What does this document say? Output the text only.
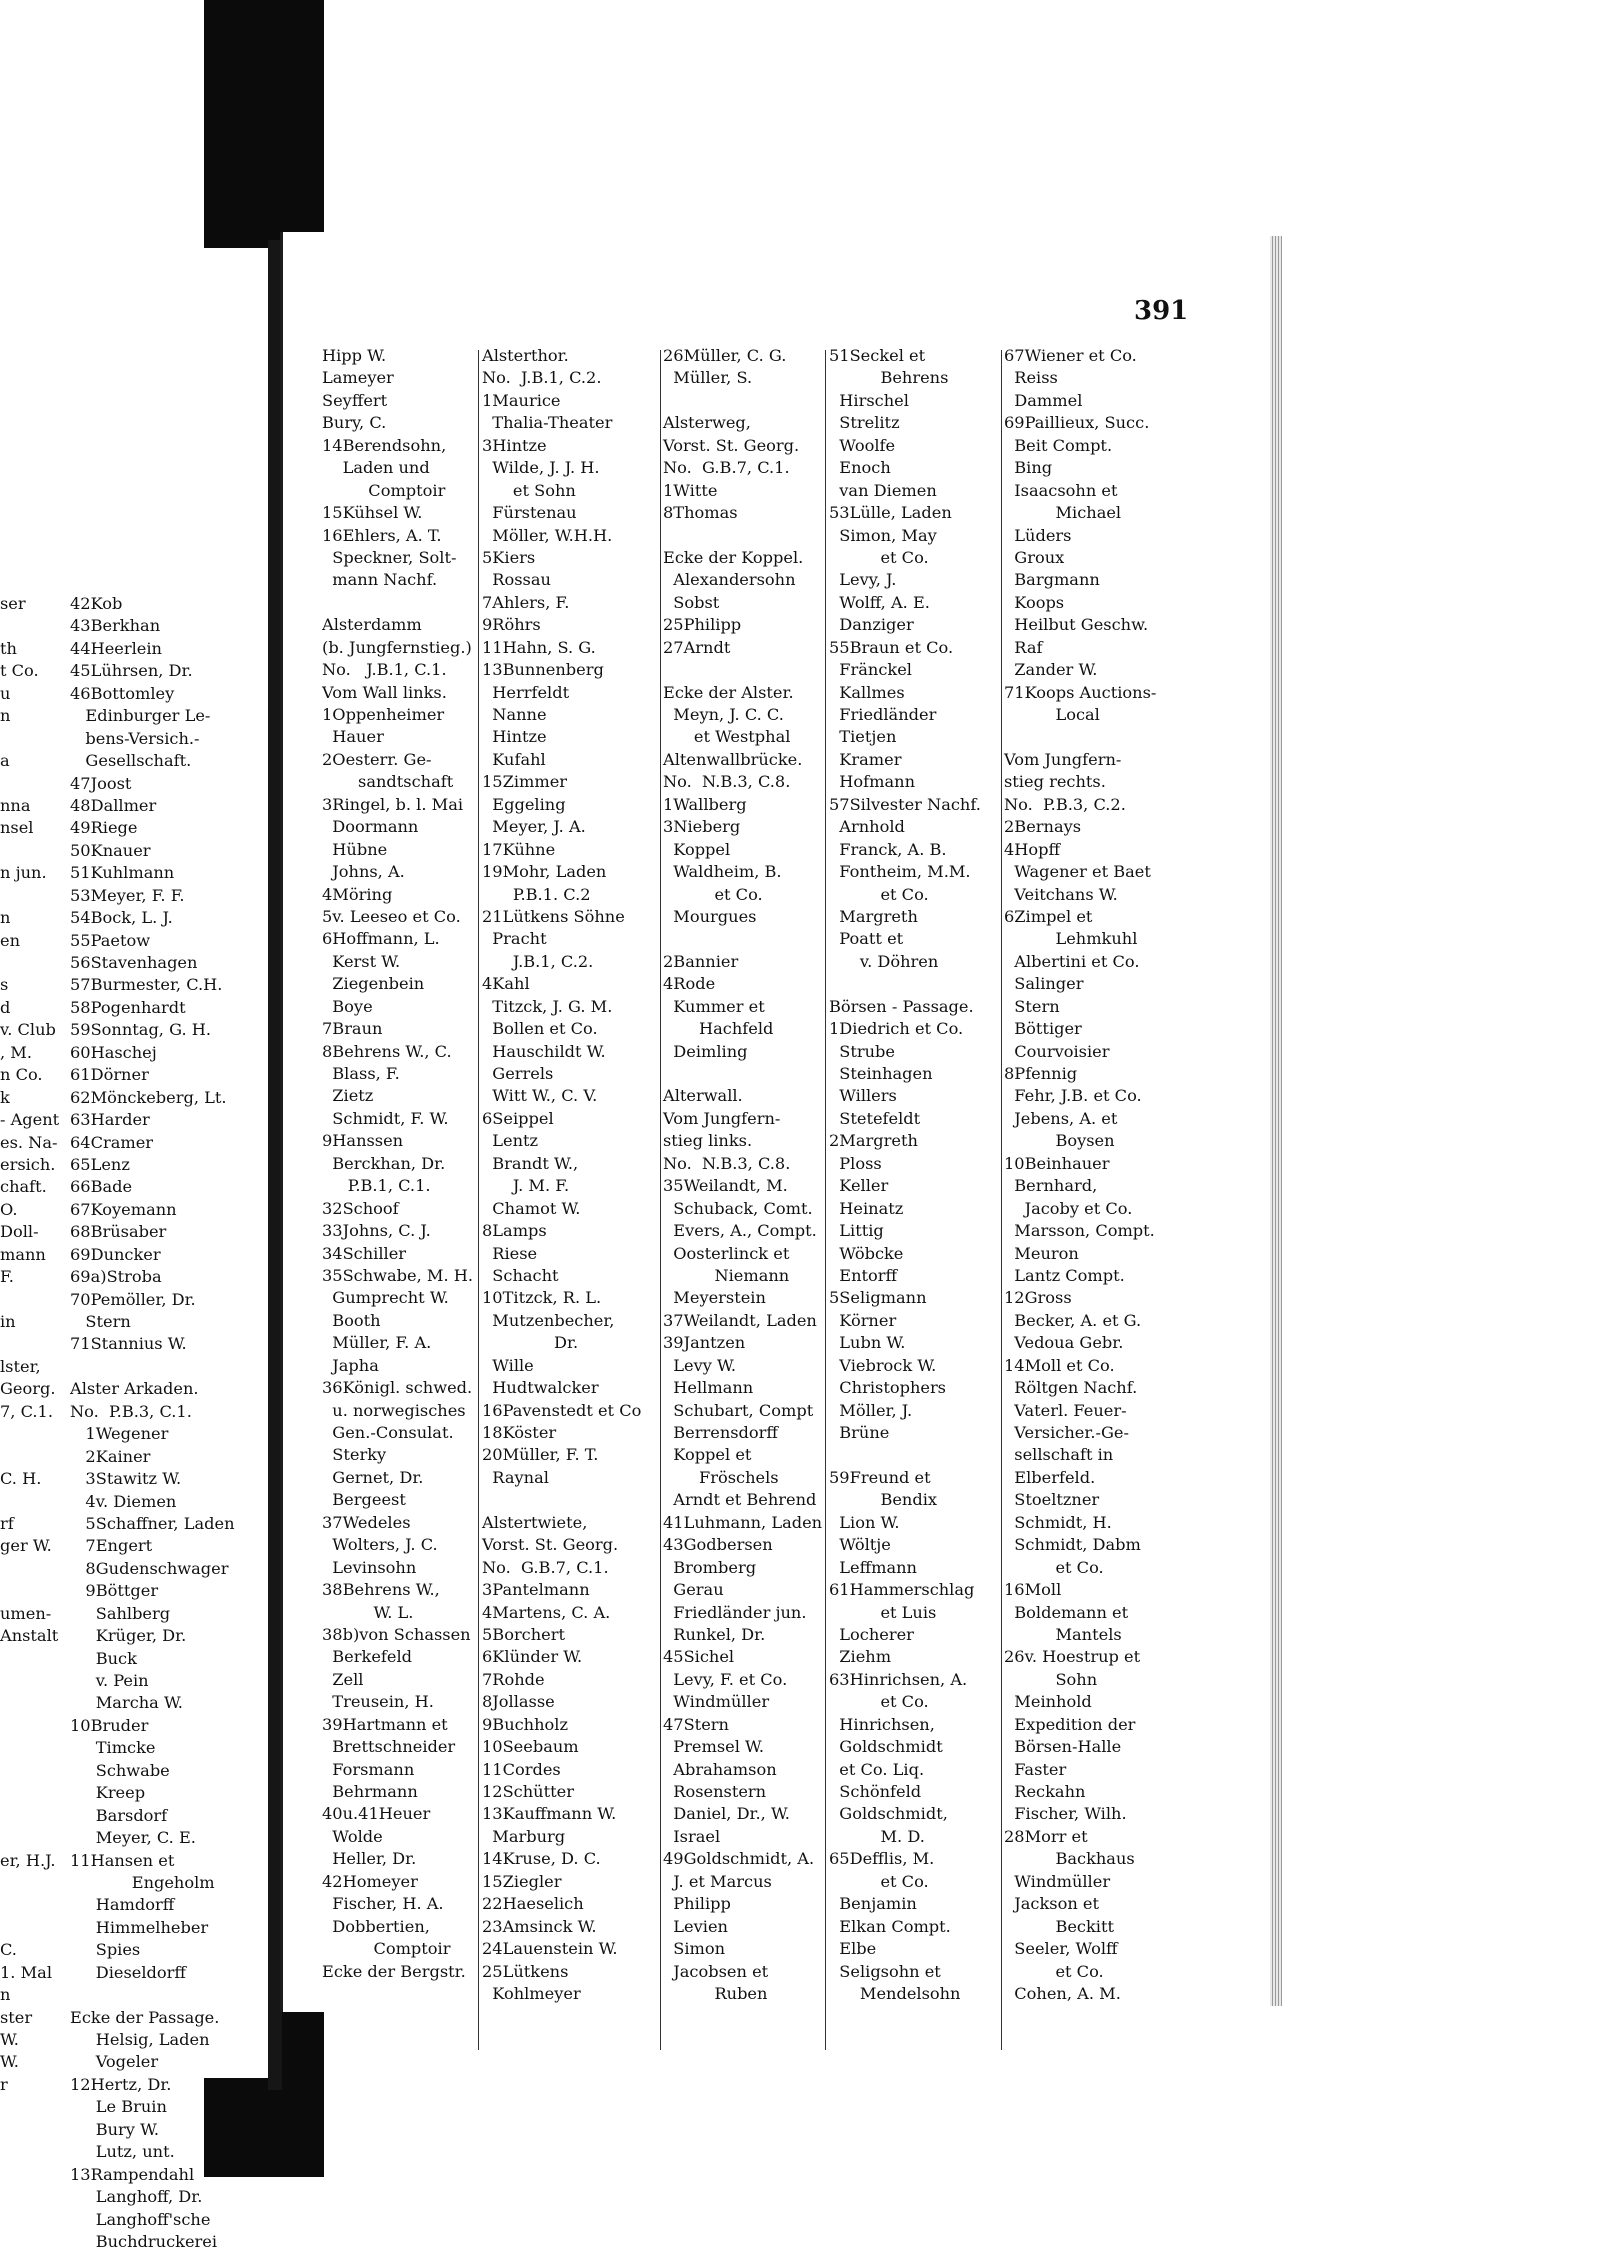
ser
th
t Co.
u
n
a
nna
nsel
n jun.
n
en
s
d
v. Club
, M.
n Co.
k
- Agent
es. Na-
ersich.
chaft.
O.
Doll-
mann
F.
in
lster,
Georg.
7, C.1.
C. H.
rf
ger W.
umen-
Anstalt
er, H.J.
C.
1. Mal
n
ster
W.
W.
r
42Kob
43Berkhan
44Heerlein
45Lührsen, Dr.
46Bottomley
Edinburger Le-
bens-Versich.-
Gesellschaft.
47Joost
48Dallmer
49Riege
50Knauer
51Kuhlmann
53Meyer, F. F.
54Bock, L. J.
55Paetow
56Stavenhagen
57Burmester, C.H.
58Pogenhardt
59Sonntag, G. H.
60Haschej
61Dörner
62Mönckeberg, Lt.
63Harder
64Cramer
65Lenz
66Bade
67Koyemann
68Brüsaber
69Duncker
69a)Stroba
70Pemöller, Dr.
Stern
71Stannius W.
Alster Arkaden.
No.  P.B.3, C.1.
1Wegener
2Kainer
3Stawitz W.
4v. Diemen
5Schaffner, Laden
7Engert
8Gudenschwager
9Böttger
Sahlberg
Krüger, Dr.
Buck
v. Pein
Marcha W.
10Bruder
Timcke
Schwabe
Kreep
Barsdorf
Meyer, C. E.
11Hansen et
Engeholm
Hamdorff
Himmelheber
Spies
Dieseldorff
Ecke der Passage.
Helsig, Laden
Vogeler
12Hertz, Dr.
Le Bruin
Bury W.
Lutz, unt.
13Rampendahl
Langhoff, Dr.
Langhoff'sche
Buchdruckerei
391
Hipp W.
Lameyer
Seyffert
Bury, C.
14Berendsohn,
Laden und
Comptoir
15Kühsel W.
16Ehlers, A. T.
Speckner, Solt-
mann Nachf.
Alsterdamm
(b. Jungfernstieg.)
No.   J.B.1, C.1.
Vom Wall links.
1Oppenheimer
Hauer
2Oesterr. Ge-
sandtschaft
3Ringel, b. l. Mai
Doormann
Hübne
Johns, A.
4Möring
5v. Leeseo et Co.
6Hoffmann, L.
Kerst W.
Ziegenbein
Boye
7Braun
8Behrens W., C.
Blass, F.
Zietz
Schmidt, F. W.
9Hanssen
Berckhan, Dr.
P.B.1, C.1.
32Schoof
33Johns, C. J.
34Schiller
35Schwabe, M. H.
Gumprecht W.
Booth
Müller, F. A.
Japha
36Königl. schwed.
u. norwegisches
Gen.-Consulat.
Sterky
Gernet, Dr.
Bergeest
37Wedeles
Wolters, J. C.
Levinsohn
38Behrens W.,
W. L.
38b)von Schassen
Berkefeld
Zell
Treusein, H.
39Hartmann et
Brettschneider
Forsmann
Behrmann
40u.41Heuer
Wolde
Heller, Dr.
42Homeyer
Fischer, H. A.
Dobbertien,
Comptoir
Ecke der Bergstr.
Alsterthor.
No.  J.B.1, C.2.
1Maurice
Thalia-Theater
3Hintze
Wilde, J. J. H.
et Sohn
Fürstenau
Möller, W.H.H.
5Kiers
Rossau
7Ahlers, F.
9Röhrs
11Hahn, S. G.
13Bunnenberg
Herrfeldt
Nanne
Hintze
Kufahl
15Zimmer
Eggeling
Meyer, J. A.
17Kühne
19Mohr, Laden
P.B.1. C.2
21Lütkens Söhne
Pracht
J.B.1, C.2.
4Kahl
Titzck, J. G. M.
Bollen et Co.
Hauschildt W.
Gerrels
Witt W., C. V.
6Seippel
Lentz
Brandt W.,
J. M. F.
Chamot W.
8Lamps
Riese
Schacht
10Titzck, R. L.
Mutzenbecher,
Dr.
Wille
Hudtwalcker
16Pavenstedt et Co
18Köster
20Müller, F. T.
Raynal
Alstertwiete,
Vorst. St. Georg.
No.  G.B.7, C.1.
3Pantelmann
4Martens, C. A.
5Borchert
6Klünder W.
7Rohde
8Jollasse
9Buchholz
10Seebaum
11Cordes
12Schütter
13Kauffmann W.
Marburg
14Kruse, D. C.
15Ziegler
22Haeselich
23Amsinck W.
24Lauenstein W.
25Lütkens
Kohlmeyer
26Müller, C. G.
Müller, S.
Alsterweg,
Vorst. St. Georg.
No.  G.B.7, C.1.
1Witte
8Thomas
Ecke der Koppel.
Alexandersohn
Sobst
25Philipp
27Arndt
Ecke der Alster.
Meyn, J. C. C.
et Westphal
Altenwallbrücke.
No.  N.B.3, C.8.
1Wallberg
3Nieberg
Koppel
Waldheim, B.
et Co.
Mourgues
2Bannier
4Rode
Kummer et
Hachfeld
Deimling
Alterwall.
Vom Jungfern-
stieg links.
No.  N.B.3, C.8.
35Weilandt, M.
Schuback, Comt.
Evers, A., Compt.
Oosterlinck et
Niemann
Meyerstein
37Weilandt, Laden
39Jantzen
Levy W.
Hellmann
Schubart, Compt
Berrensdorff
Koppel et
Fröschels
Arndt et Behrend
41Luhmann, Laden
43Godbersen
Bromberg
Gerau
Friedländer jun.
Runkel, Dr.
45Sichel
Levy, F. et Co.
Windmüller
47Stern
Premsel W.
Abrahamson
Rosenstern
Daniel, Dr., W.
Israel
49Goldschmidt, A.
J. et Marcus
Philipp
Levien
Simon
Jacobsen et
Ruben
51Seckel et
Behrens
Hirschel
Strelitz
Woolfe
Enoch
van Diemen
53Lülle, Laden
Simon, May
et Co.
Levy, J.
Wolff, A. E.
Danziger
55Braun et Co.
Fränckel
Kallmes
Friedländer
Tietjen
Kramer
Hofmann
57Silvester Nachf.
Arnhold
Franck, A. B.
Fontheim, M.M.
et Co.
Margreth
Poatt et
v. Döhren
Börsen - Passage.
1Diedrich et Co.
Strube
Steinhagen
Willers
Stetefeldt
2Margreth
Ploss
Keller
Heinatz
Littig
Wöbcke
Entorff
5Seligmann
Körner
Lubn W.
Viebrock W.
Christophers
Möller, J.
Brüne
59Freund et
Bendix
Lion W.
Wöltje
Leffmann
61Hammerschlag
et Luis
Locherer
Ziehm
63Hinrichsen, A.
et Co.
Hinrichsen,
Goldschmidt
et Co. Liq.
Schönfeld
Goldschmidt,
M. D.
65Defflis, M.
et Co.
Benjamin
Elkan Compt.
Elbe
Seligsohn et
Mendelsohn
67Wiener et Co.
Reiss
Dammel
69Paillieux, Succ.
Beit Compt.
Bing
Isaacsohn et
Michael
Lüders
Groux
Bargmann
Koops
Heilbut Geschw.
Raf
Zander W.
71Koops Auctions-
Local
Vom Jungfern-
stieg rechts.
No.  P.B.3, C.2.
2Bernays
4Hopff
Wagener et Baet
Veitchans W.
6Zimpel et
Lehmkuhl
Albertini et Co.
Salinger
Stern
Böttiger
Courvoisier
8Pfennig
Fehr, J.B. et Co.
Jebens, A. et
Boysen
10Beinhauer
Bernhard,
Jacoby et Co.
Marsson, Compt.
Meuron
Lantz Compt.
12Gross
Becker, A. et G.
Vedoua Gebr.
14Moll et Co.
Röltgen Nachf.
Vaterl. Feuer-
Versicher.-Ge-
sellschaft in
Elberfeld.
Stoeltzner
Schmidt, H.
Schmidt, Dabm
et Co.
16Moll
Boldemann et
Mantels
26v. Hoestrup et
Sohn
Meinhold
Expedition der
Börsen-Halle
Faster
Reckahn
Fischer, Wilh.
28Morr et
Backhaus
Windmüller
Jackson et
Beckitt
Seeler, Wolff
et Co.
Cohen, A. M.
